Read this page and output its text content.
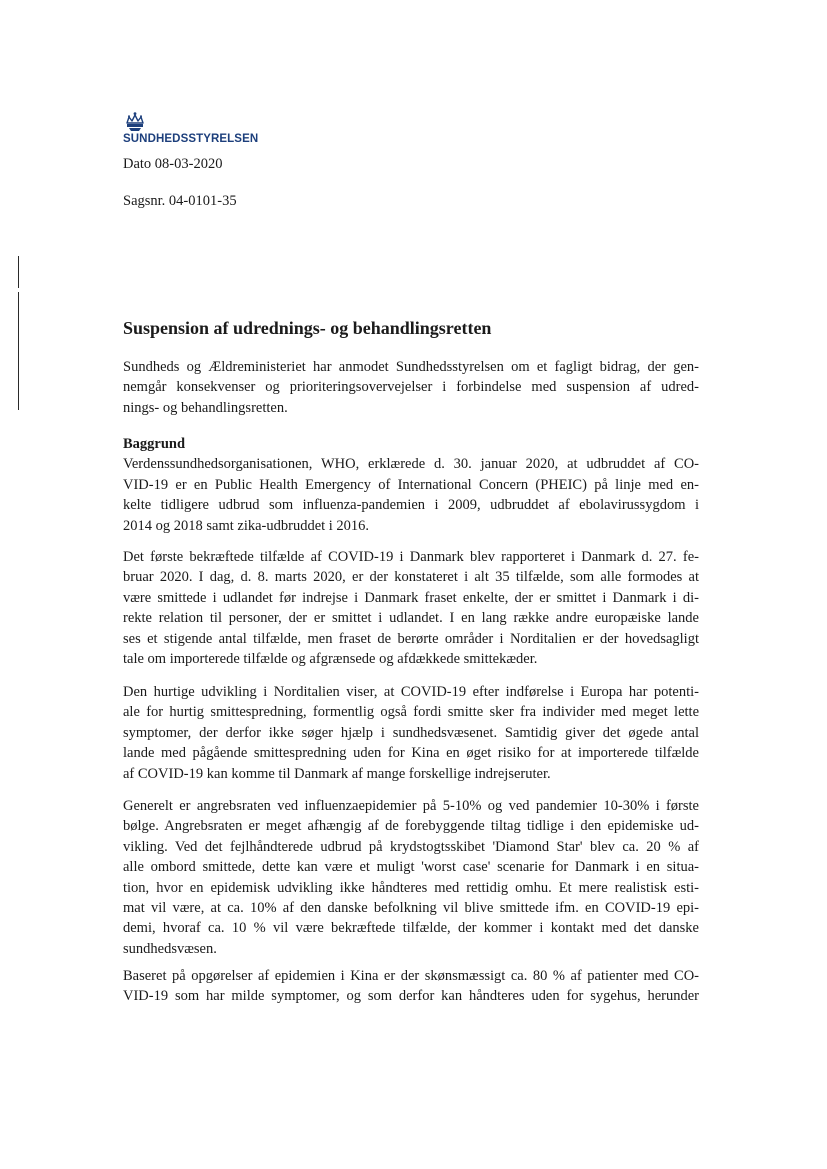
SUNDHEDSSTYRELSEN
Dato 08-03-2020
Sagsnr. 04-0101-35
Suspension af udrednings- og behandlingsretten
Sundheds og Ældreministeriet har anmodet Sundhedsstyrelsen om et fagligt bidrag, der gen-
nemgår konsekvenser og prioriteringsovervejelser i forbindelse med suspension af udred-
nings- og behandlingsretten.
Baggrund
Verdenssundhedsorganisationen, WHO, erklærede d. 30. januar 2020, at udbruddet af CO-
VID-19 er en Public Health Emergency of International Concern (PHEIC) på linje med en-
kelte tidligere udbrud som influenza-pandemien i 2009, udbruddet af ebolavirussygdom i
2014 og 2018 samt zika-udbruddet i 2016.
Det første bekræftede tilfælde af COVID-19 i Danmark blev rapporteret i Danmark d. 27. fe-
bruar 2020. I dag, d. 8. marts 2020, er der konstateret i alt 35 tilfælde, som alle formodes at
være smittede i udlandet før indrejse i Danmark fraset enkelte, der er smittet i Danmark i di-
rekte relation til personer, der er smittet i udlandet. I en lang række andre europæiske lande
ses et stigende antal tilfælde, men fraset de berørte områder i Norditalien er der hovedsagligt
tale om importerede tilfælde og afgrænsede og afdækkede smittekæder.
Den hurtige udvikling i Norditalien viser, at COVID-19 efter indførelse i Europa har potenti-
ale for hurtig smittespredning, formentlig også fordi smitte sker fra individer med meget lette
symptomer, der derfor ikke søger hjælp i sundhedsvæsenet. Samtidig giver det øgede antal
lande med pågående smittespredning uden for Kina en øget risiko for at importerede tilfælde
af COVID-19 kan komme til Danmark af mange forskellige indrejseruter.
Generelt er angrebsraten ved influenzaepidemier på 5-10% og ved pandemier 10-30% i første
bølge. Angrebsraten er meget afhængig af de forebyggende tiltag tidlige i den epidemiske ud-
vikling. Ved det fejlhåndterede udbrud på krydstogtsskibet 'Diamond Star' blev ca. 20 % af
alle ombord smittede, dette kan være et muligt 'worst case' scenarie for Danmark i en situa-
tion, hvor en epidemisk udvikling ikke håndteres med rettidig omhu. Et mere realistisk esti-
mat vil være, at ca. 10% af den danske befolkning vil blive smittede ifm. en COVID-19 epi-
demi, hvoraf ca. 10 % vil være bekræftede tilfælde, der kommer i kontakt med det danske
sundhedsvæsen.
Baseret på opgørelser af epidemien i Kina er der skønsmæssigt ca. 80 % af patienter med CO-
VID-19 som har milde symptomer, og som derfor kan håndteres uden for sygehus, herunder
